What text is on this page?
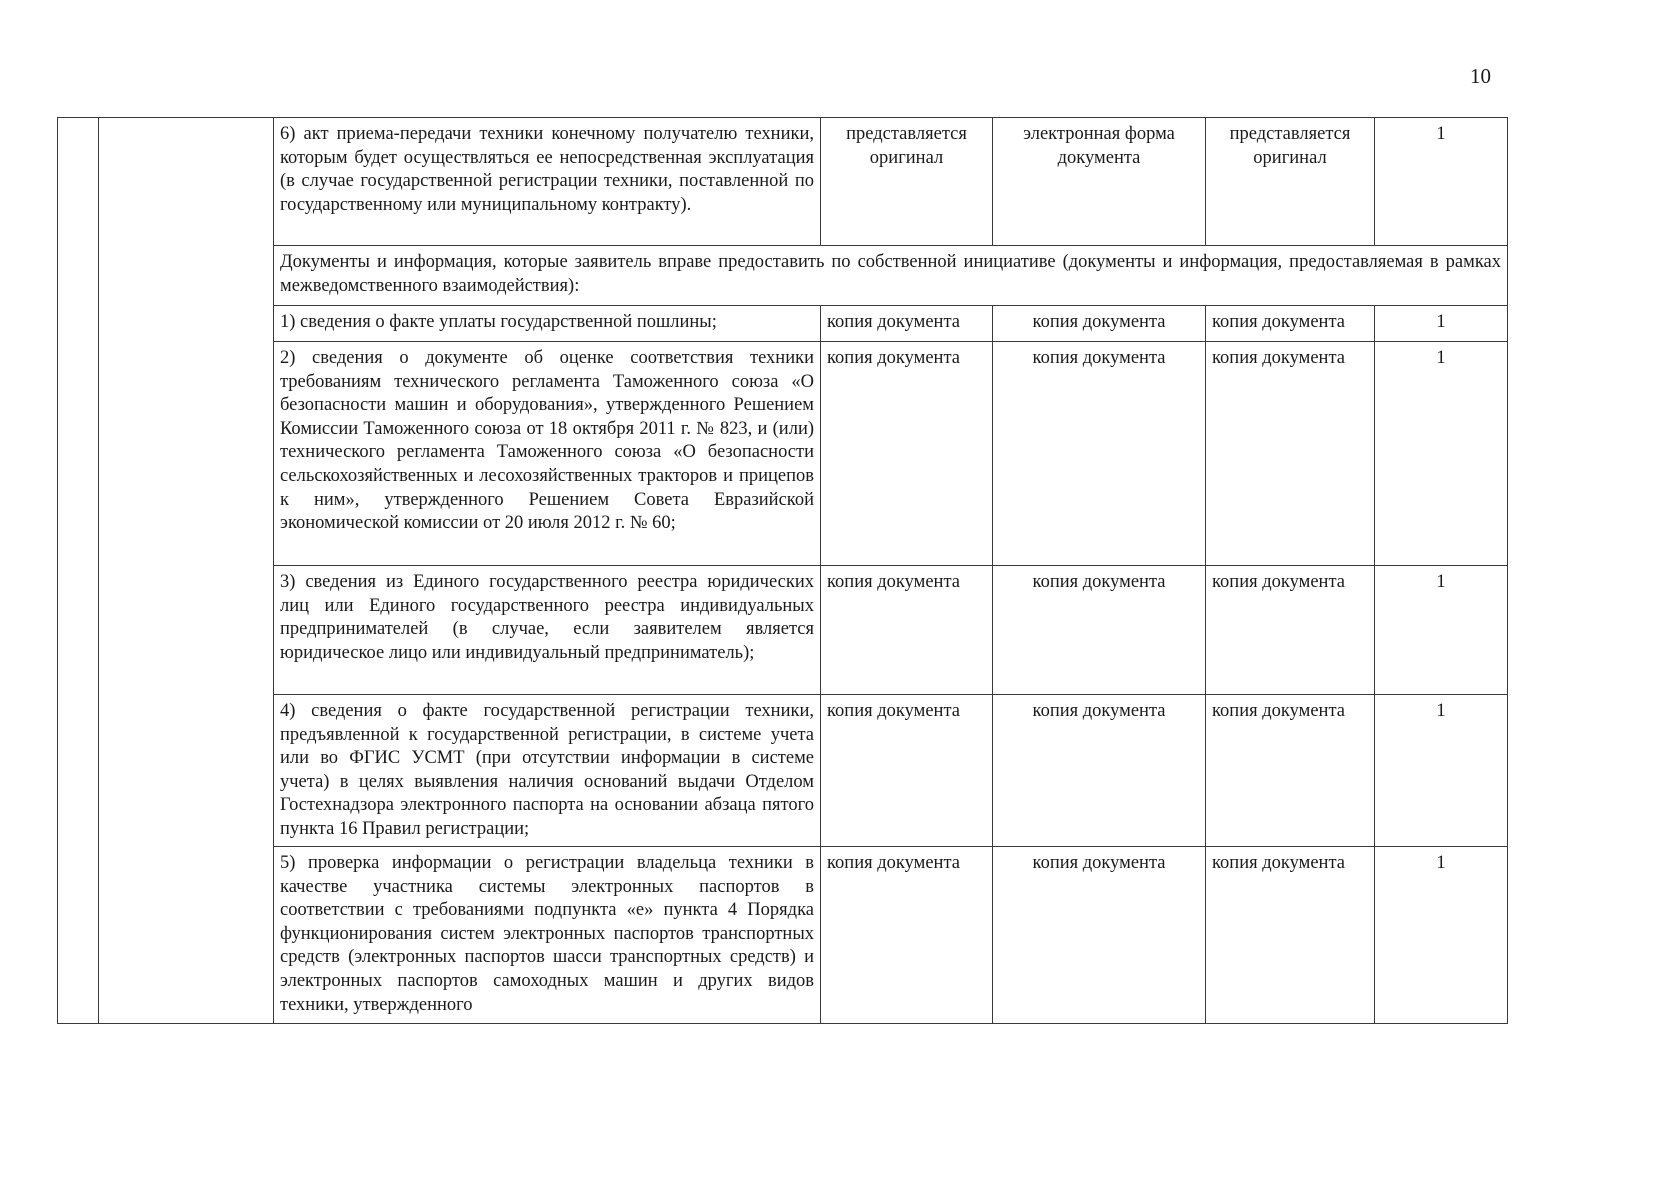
10
		6) акт приема-передачи техники конечному получателю техники, которым будет осуществляться ее непосредственная эксплуатация (в случае государственной регистрации техники, поставленной по государственному или муниципальному контракту).	представляется оригинал	электронная форма документа	представляется оригинал	1
		Документы и информация, которые заявитель вправе предоставить по собственной инициативе (документы и информация, предоставляемая в рамках межведомственного взаимодействия):				
		1) сведения о факте уплаты государственной пошлины;	копия документа	копия документа	копия документа	1
		2) сведения о документе об оценке соответствия техники требованиям технического регламента Таможенного союза «О безопасности машин и оборудования», утвержденного Решением Комиссии Таможенного союза от 18 октября 2011 г. № 823, и (или) технического регламента Таможенного союза «О безопасности сельскохозяйственных и лесохозяйственных тракторов и прицепов к ним», утвержденного Решением Совета Евразийской экономической комиссии от 20 июля 2012 г. № 60;	копия документа	копия документа	копия документа	1
		3) сведения из Единого государственного реестра юридических лиц или Единого государственного реестра индивидуальных предпринимателей (в случае, если заявителем является юридическое лицо или индивидуальный предприниматель);	копия документа	копия документа	копия документа	1
		4) сведения о факте государственной регистрации техники, предъявленной к государственной регистрации, в системе учета или во ФГИС УСМТ (при отсутствии информации в системе учета) в целях выявления наличия оснований выдачи Отделом Гостехнадзора электронного паспорта на основании абзаца пятого пункта 16 Правил регистрации;	копия документа	копия документа	копия документа	1
		5) проверка информации о регистрации владельца техники в качестве участника системы электронных паспортов в соответствии с требованиями подпункта «е» пункта 4 Порядка функционирования систем электронных паспортов транспортных средств (электронных паспортов шасси транспортных средств) и электронных паспортов самоходных машин и других видов техники, утвержденного	копия документа	копия документа	копия документа	1
